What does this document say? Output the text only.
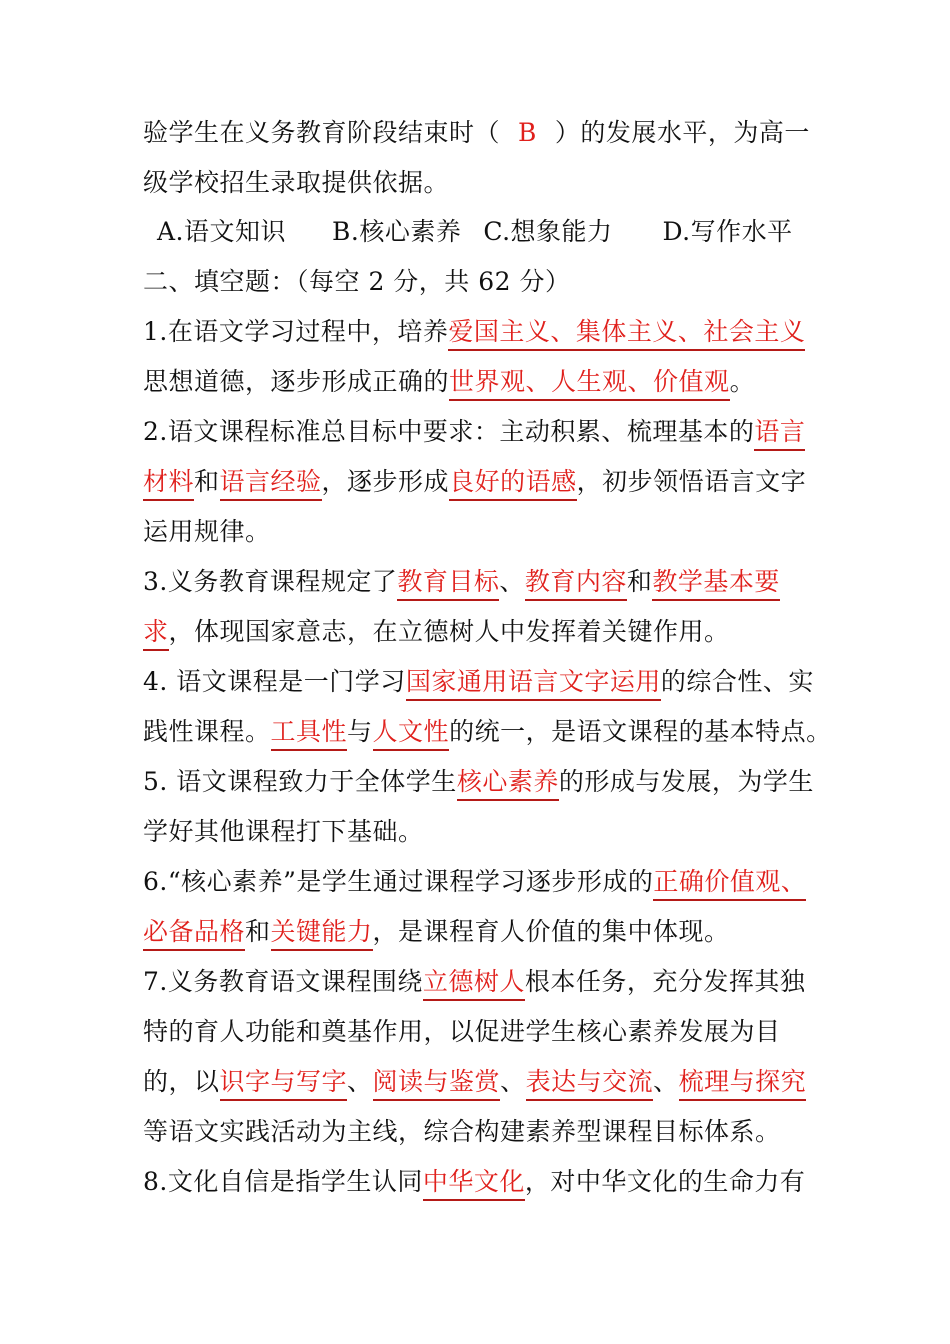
验学生在义务教育阶段结束时（ B ）的发展水平，为高一
级学校招生录取提供依据。
A.语文知识 B.核心素养 C.想象能力 D.写作水平
二、填空题：（每空 2 分，共 62 分）
1.在语文学习过程中，培养爱国主义、集体主义、社会主义
思想道德，逐步形成正确的世界观、人生观、价值观。
2.语文课程标准总目标中要求：主动积累、梳理基本的语言
材料和语言经验，逐步形成良好的语感，初步领悟语言文字
运用规律。
3.义务教育课程规定了教育目标、教育内容和教学基本要
求，体现国家意志，在立德树人中发挥着关键作用。
4. 语文课程是一门学习国家通用语言文字运用的综合性、实
践性课程。工具性与人文性的统一，是语文课程的基本特点。
5. 语文课程致力于全体学生核心素养的形成与发展，为学生
学好其他课程打下基础。
6.“核心素养”是学生通过课程学习逐步形成的正确价值观、
必备品格和关键能力，是课程育人价值的集中体现。
7.义务教育语文课程围绕立德树人根本任务，充分发挥其独
特的育人功能和奠基作用，以促进学生核心素养发展为目
的，以识字与写字、阅读与鉴赏、表达与交流、梳理与探究
等语文实践活动为主线，综合构建素养型课程目标体系。
8.文化自信是指学生认同中华文化，对中华文化的生命力有
